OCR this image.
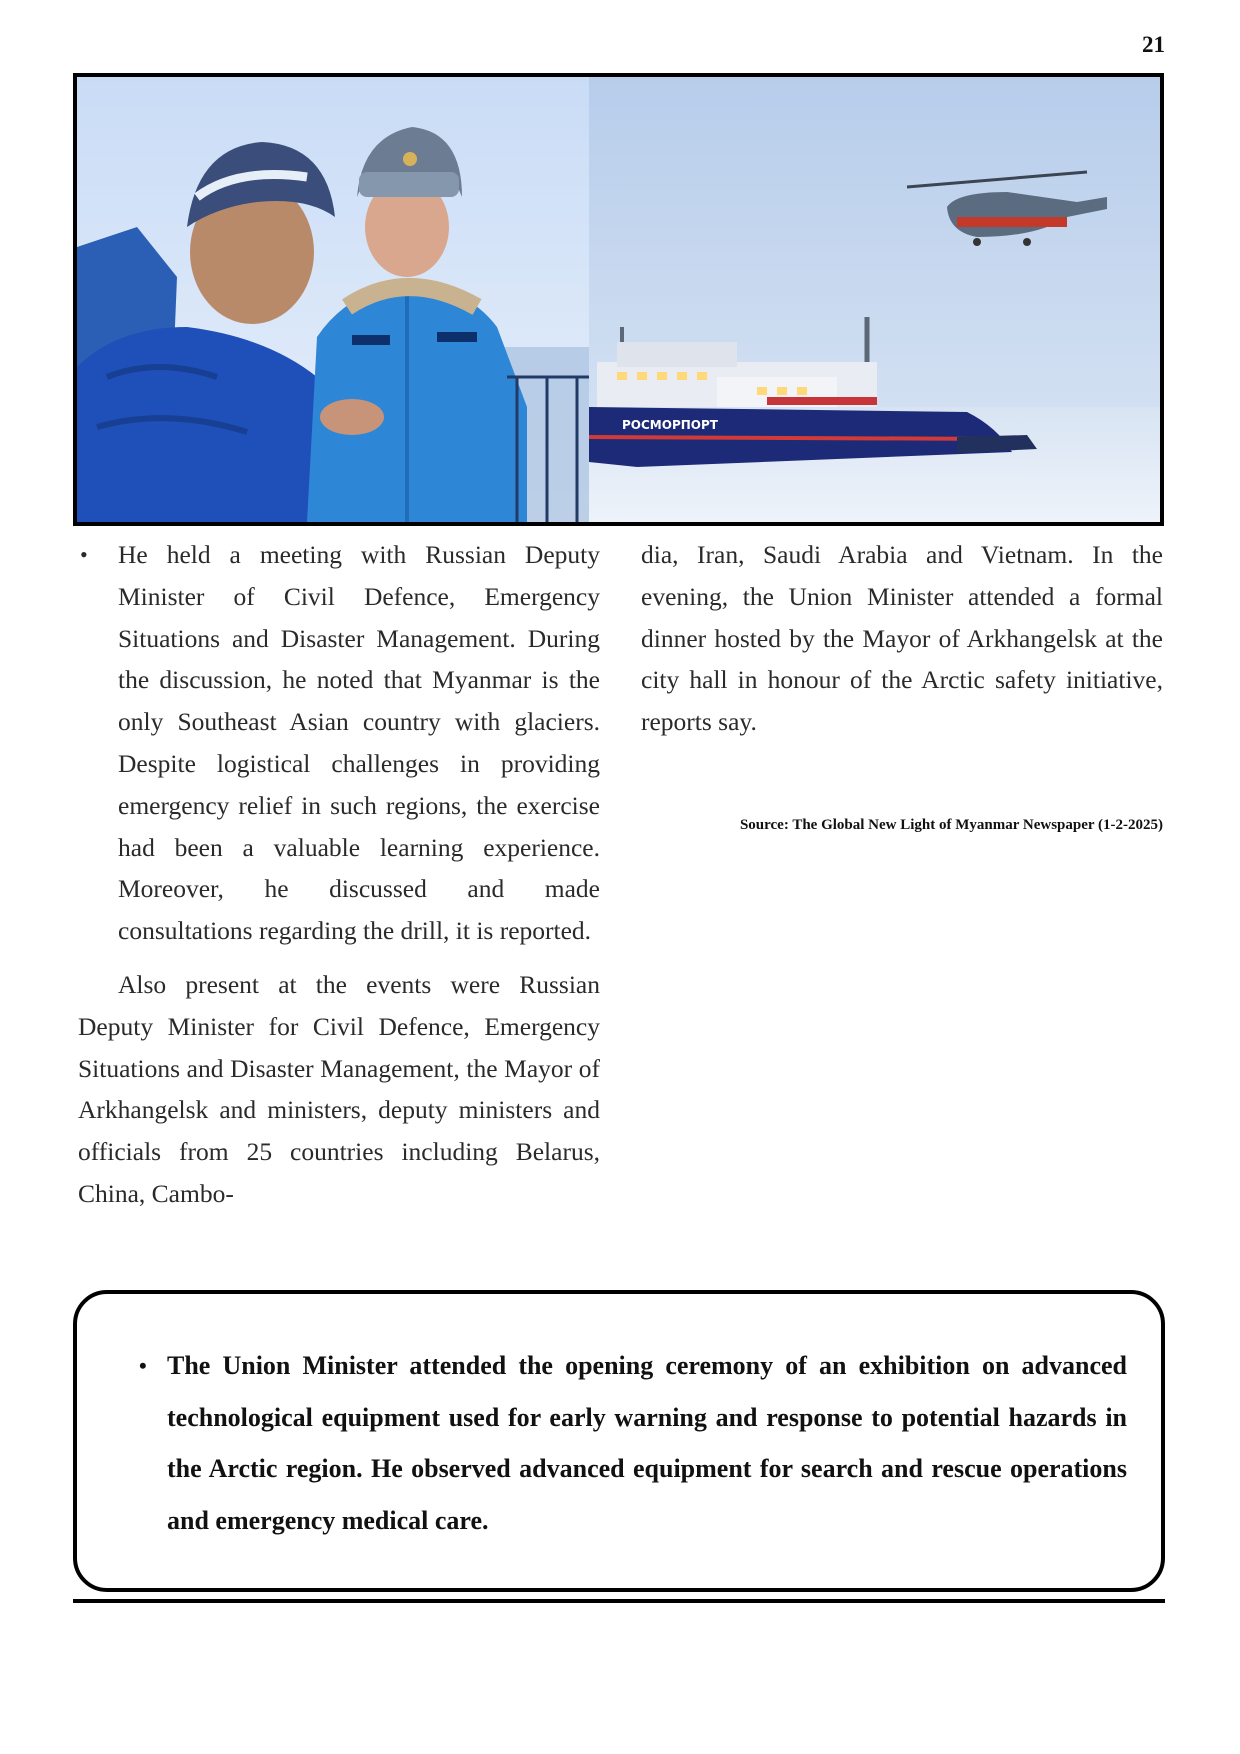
21
РОСМОРПОРТ

• He held a meeting with Russian Deputy Minister of Civil Defence, Emergency Situations and Disaster Management. During the discussion, he noted that Myanmar is the only Southeast Asian country with glaciers. Despite logistical challenges in providing emergency relief in such regions, the exercise had been a valuable learning experience. Moreover, he discussed and made consultations regarding the drill, it is reported.

Also present at the events were Russian Deputy Minister for Civil Defence, Emergency Situations and Disaster Management, the Mayor of Arkhangelsk and ministers, deputy ministers and officials from 25 countries including Belarus, China, Cambo-

dia, Iran, Saudi Arabia and Vietnam. In the evening, the Union Minister attended a formal dinner hosted by the Mayor of Arkhangelsk at the city hall in honour of the Arctic safety initiative, reports say.

Source: The Global New Light of Myanmar Newspaper (1-2-2025)
• The Union Minister attended the opening ceremony of an exhibition on advanced technological equipment used for early warning and response to potential hazards in the Arctic region. He observed advanced equipment for search and rescue operations and emergency medical care.
